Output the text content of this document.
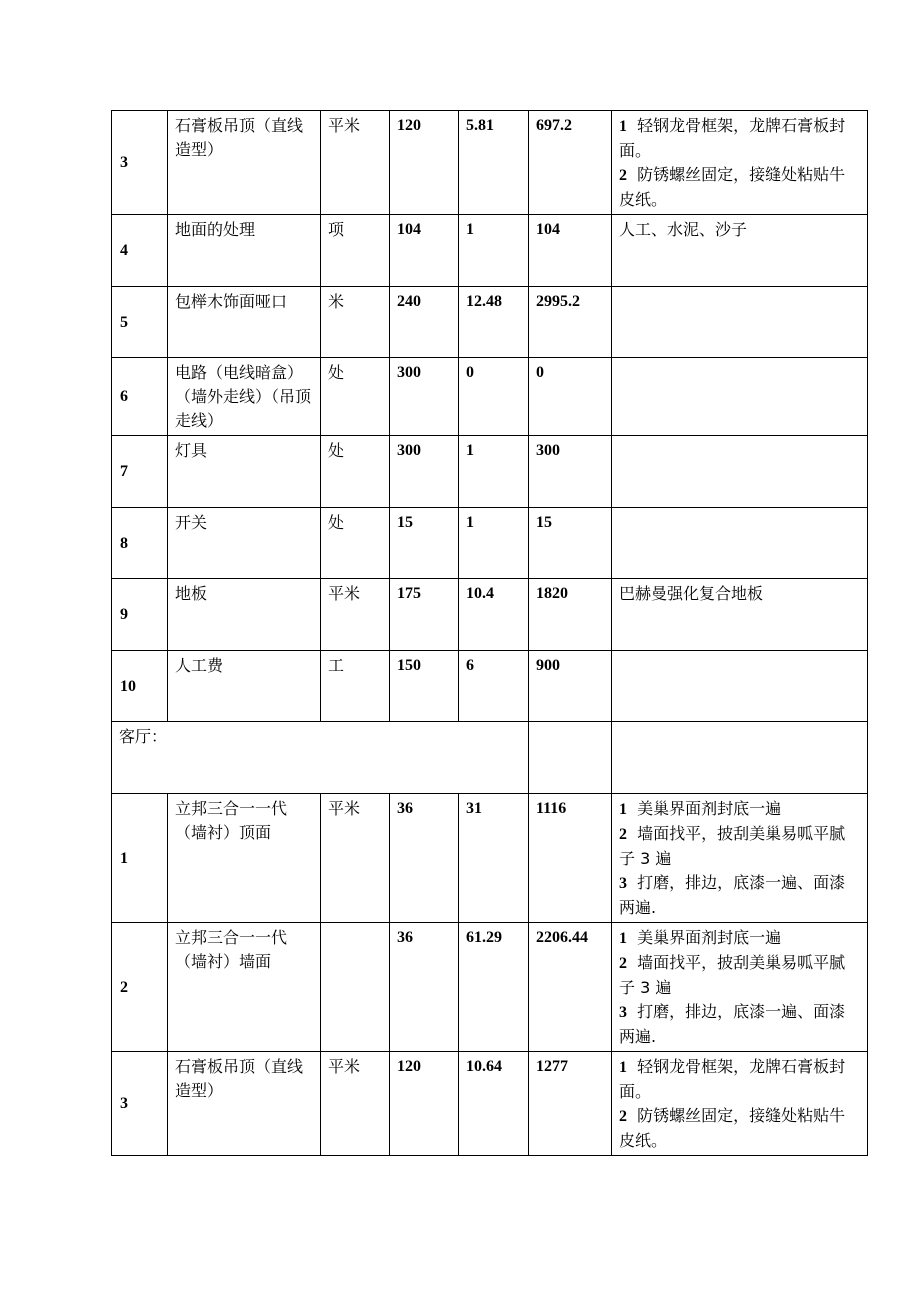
3	石膏板吊顶（直线造型）	平米	120	5.81	697.2	1 轻钢龙骨框架，龙牌石膏板封面。
2 防锈螺丝固定，接缝处粘贴牛皮纸。

4	地面的处理	项	104	1	104	人工、水泥、沙子

5	包榉木饰面哑口	米	240	12.48	2995.2	
6	电路（电线暗盒）（墙外走线）（吊顶走线）	处	300	0	0	
7	灯具	处	300	1	300	
8	开关	处	15	1	15	
9	地板	平米	175	10.4	1820	巴赫曼强化复合地板

10	人工费	工	150	6	900	
客厅：						
1	立邦三合一一代（墙衬）顶面	平米	36	31	1116	1 美巢界面剂封底一遍
2 墙面找平，披刮美巢易呱平腻子 3 遍
3 打磨，排边，底漆一遍、面漆两遍.

2	立邦三合一一代（墙衬）墙面		36	61.29	2206.44	1 美巢界面剂封底一遍
2 墙面找平，披刮美巢易呱平腻子 3 遍
3 打磨，排边，底漆一遍、面漆两遍.

3	石膏板吊顶（直线造型）	平米	120	10.64	1277	1 轻钢龙骨框架，龙牌石膏板封面。
2 防锈螺丝固定，接缝处粘贴牛皮纸。
